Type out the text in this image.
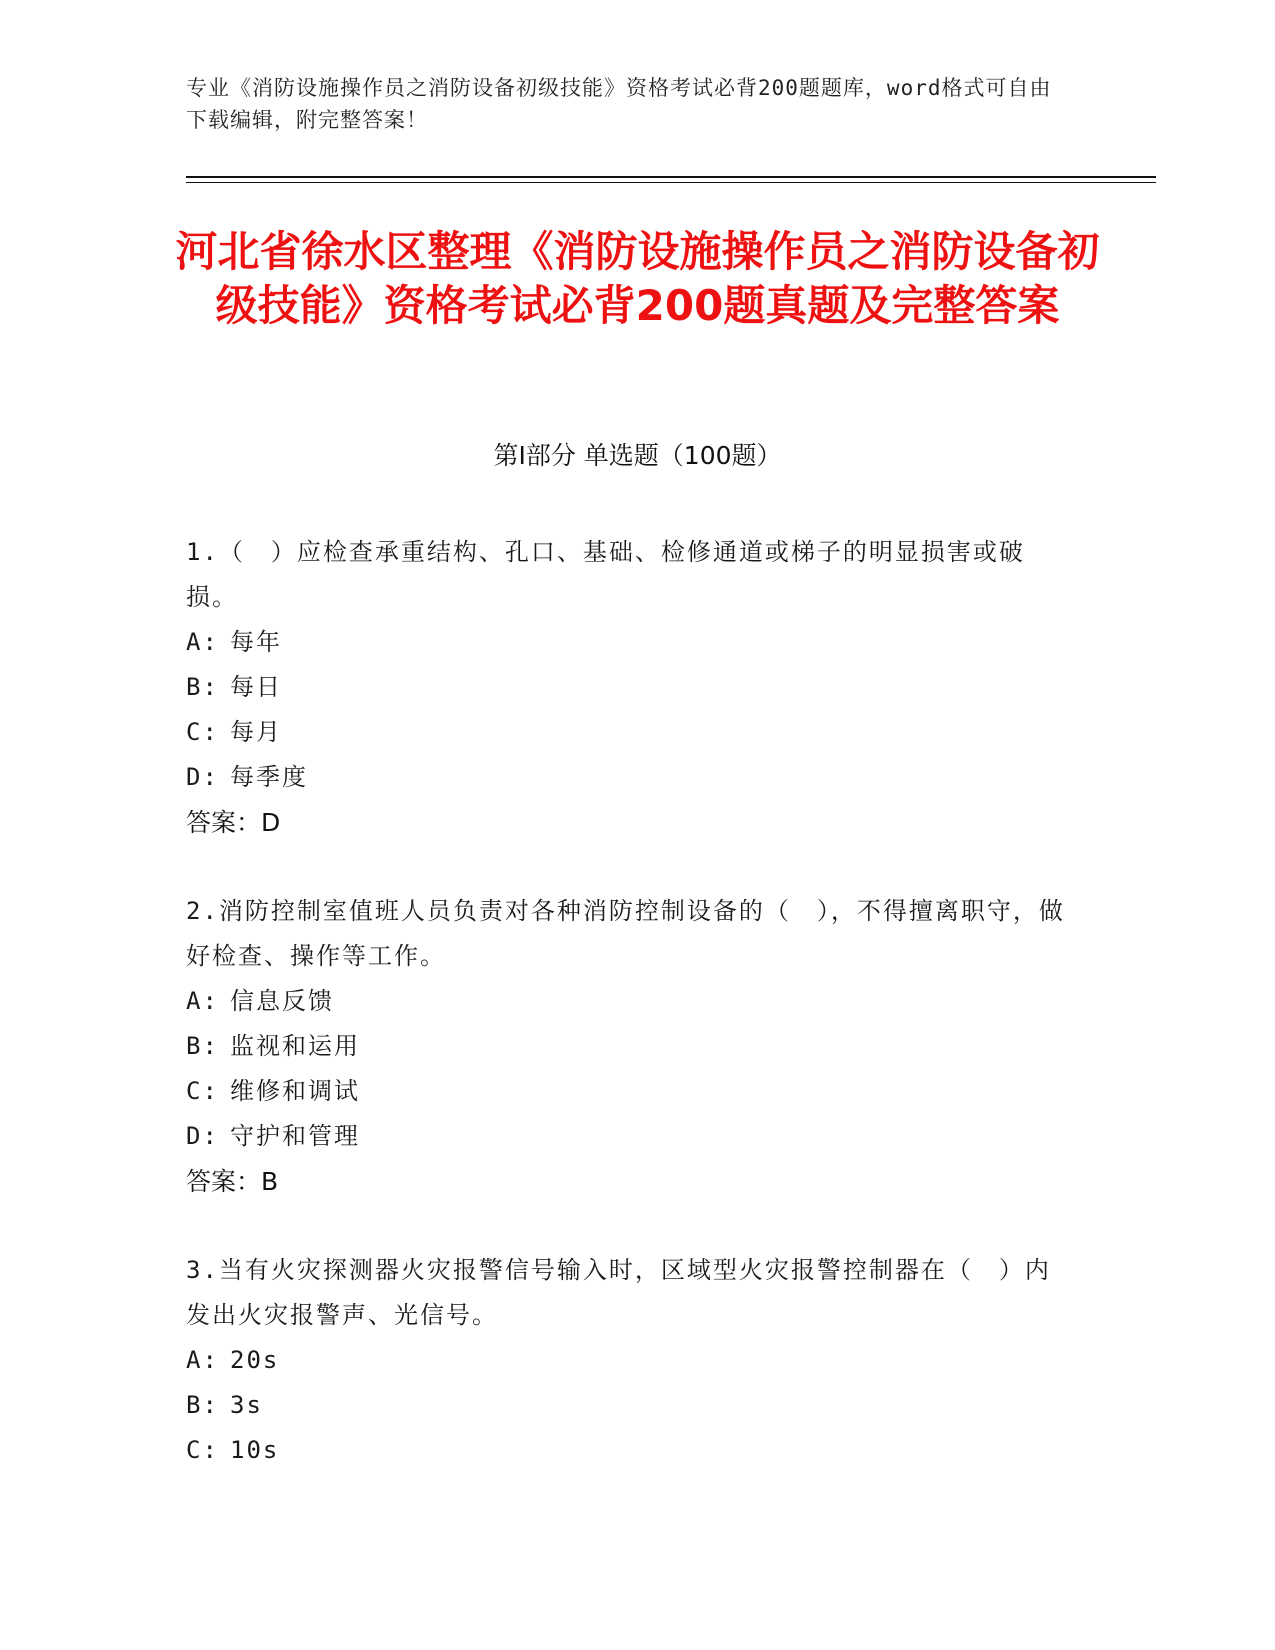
专业《消防设施操作员之消防设备初级技能》资格考试必背200题题库，word格式可自由下载编辑，附完整答案！
河北省徐水区整理《消防设施操作员之消防设备初级技能》资格考试必背200题真题及完整答案
第Ⅰ部分 单选题（100题）
1.（　）应检查承重结构、孔口、基础、检修通道或梯子的明显损害或破损。
A: 每年
B: 每日
C: 每月
D: 每季度
答案：D
2.消防控制室值班人员负责对各种消防控制设备的（　），不得擅离职守，做好检查、操作等工作。
A: 信息反馈
B: 监视和运用
C: 维修和调试
D: 守护和管理
答案：B
3.当有火灾探测器火灾报警信号输入时，区域型火灾报警控制器在（　）内发出火灾报警声、光信号。
A: 20s
B: 3s
C: 10s
